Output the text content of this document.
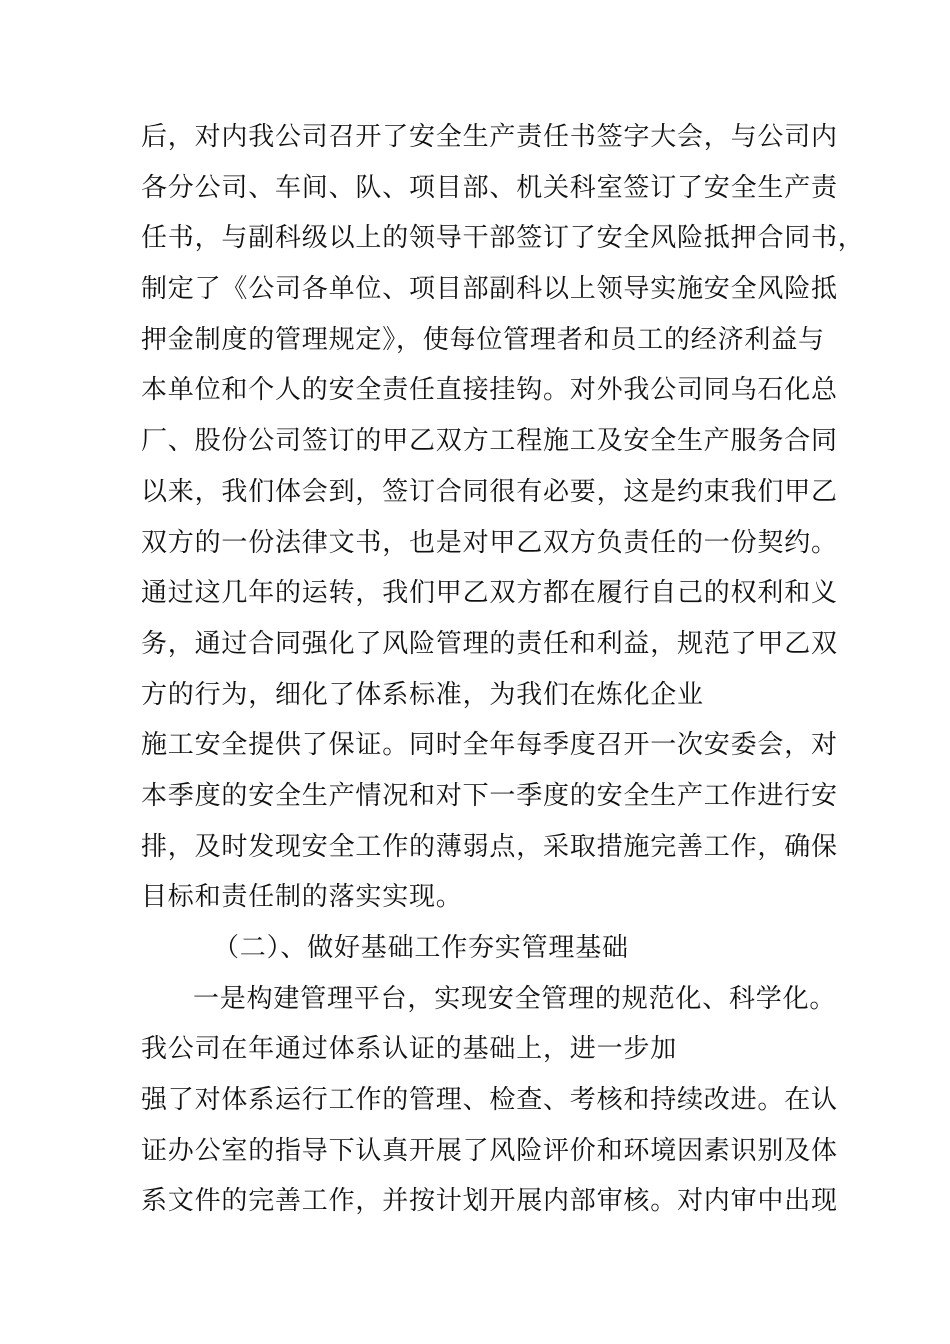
后，对内我公司召开了安全生产责任书签字大会，与公司内
各分公司、车间、队、项目部、机关科室签订了安全生产责
任书，与副科级以上的领导干部签订了安全风险抵押合同书，
制定了《公司各单位、项目部副科以上领导实施安全风险抵
押金制度的管理规定》，使每位管理者和员工的经济利益与
本单位和个人的安全责任直接挂钩。对外我公司同乌石化总
厂、股份公司签订的甲乙双方工程施工及安全生产服务合同
以来，我们体会到，签订合同很有必要，这是约束我们甲乙
双方的一份法律文书，也是对甲乙双方负责任的一份契约。
通过这几年的运转，我们甲乙双方都在履行自己的权利和义
务，通过合同强化了风险管理的责任和利益，规范了甲乙双
方的行为，细化了体系标准，为我们在炼化企业
施工安全提供了保证。同时全年每季度召开一次安委会，对
本季度的安全生产情况和对下一季度的安全生产工作进行安
排，及时发现安全工作的薄弱点，采取措施完善工作，确保
目标和责任制的落实实现。
（二）、做好基础工作夯实管理基础
一是构建管理平台，实现安全管理的规范化、科学化。
我公司在年通过体系认证的基础上，进一步加
强了对体系运行工作的管理、检查、考核和持续改进。在认
证办公室的指导下认真开展了风险评价和环境因素识别及体
系文件的完善工作，并按计划开展内部审核。对内审中出现
